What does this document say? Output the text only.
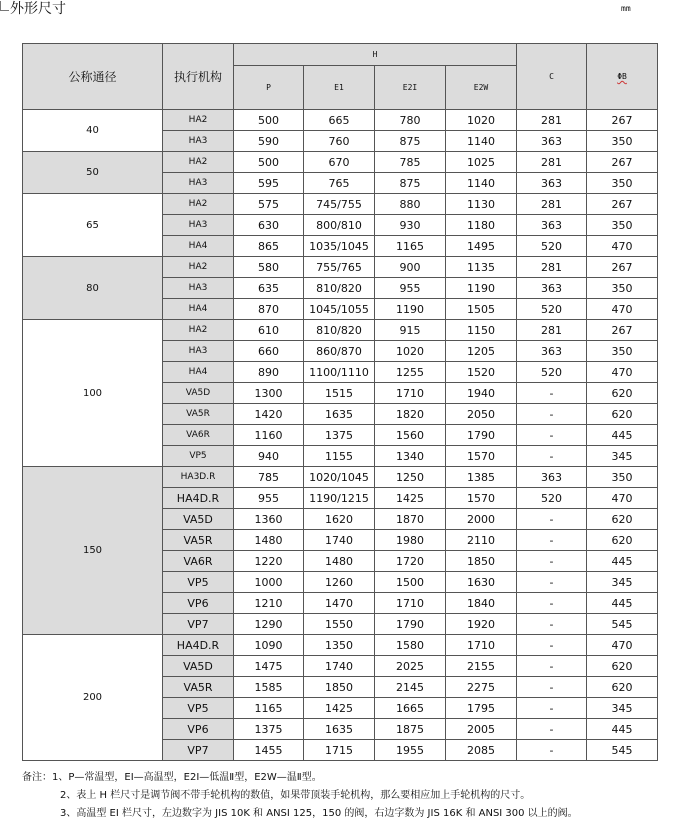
外形尺寸	mm
公称通径	执行机构	H				C	ΦB
		P	E1	E2I	E2W		
40	HA2	500	665	780	1020	281	267
	HA3	590	760	875	1140	363	350
50	HA2	500	670	785	1025	281	267
	HA3	595	765	875	1140	363	350
65	HA2	575	745/755	880	1130	281	267
	HA3	630	800/810	930	1180	363	350
	HA4	865	1035/1045	1165	1495	520	470
80	HA2	580	755/765	900	1135	281	267
	HA3	635	810/820	955	1190	363	350
	HA4	870	1045/1055	1190	1505	520	470
100	HA2	610	810/820	915	1150	281	267
	HA3	660	860/870	1020	1205	363	350
	HA4	890	1100/1110	1255	1520	520	470
	VA5D	1300	1515	1710	1940	-	620
	VA5R	1420	1635	1820	2050	-	620
	VA6R	1160	1375	1560	1790	-	445
	VP5	940	1155	1340	1570	-	345
150	HA3D.R	785	1020/1045	1250	1385	363	350
	HA4D.R	955	1190/1215	1425	1570	520	470
	VA5D	1360	1620	1870	2000	-	620
	VA5R	1480	1740	1980	2110	-	620
	VA6R	1220	1480	1720	1850	-	445
	VP5	1000	1260	1500	1630	-	345
	VP6	1210	1470	1710	1840	-	445
	VP7	1290	1550	1790	1920	-	545
200	HA4D.R	1090	1350	1580	1710	-	470
	VA5D	1475	1740	2025	2155	-	620
	VA5R	1585	1850	2145	2275	-	620
	VP5	1165	1425	1665	1795	-	345
	VP6	1375	1635	1875	2005	-	445
	VP7	1455	1715	1955	2085	-	545
备注：1、P—常温型，EI—高温型，E2I—低温Ⅱ型，E2W—温Ⅱ型。
2、表上 H 栏尺寸是调节阀不带手轮机构的数值，如果带顶装手轮机构，那么要相应加上手轮机构的尺寸。
3、高温型 EI 栏尺寸，左边数字为 JIS 10K 和 ANSI 125，150 的阀，右边字数为 JIS 16K 和 ANSI 300 以上的阀。
